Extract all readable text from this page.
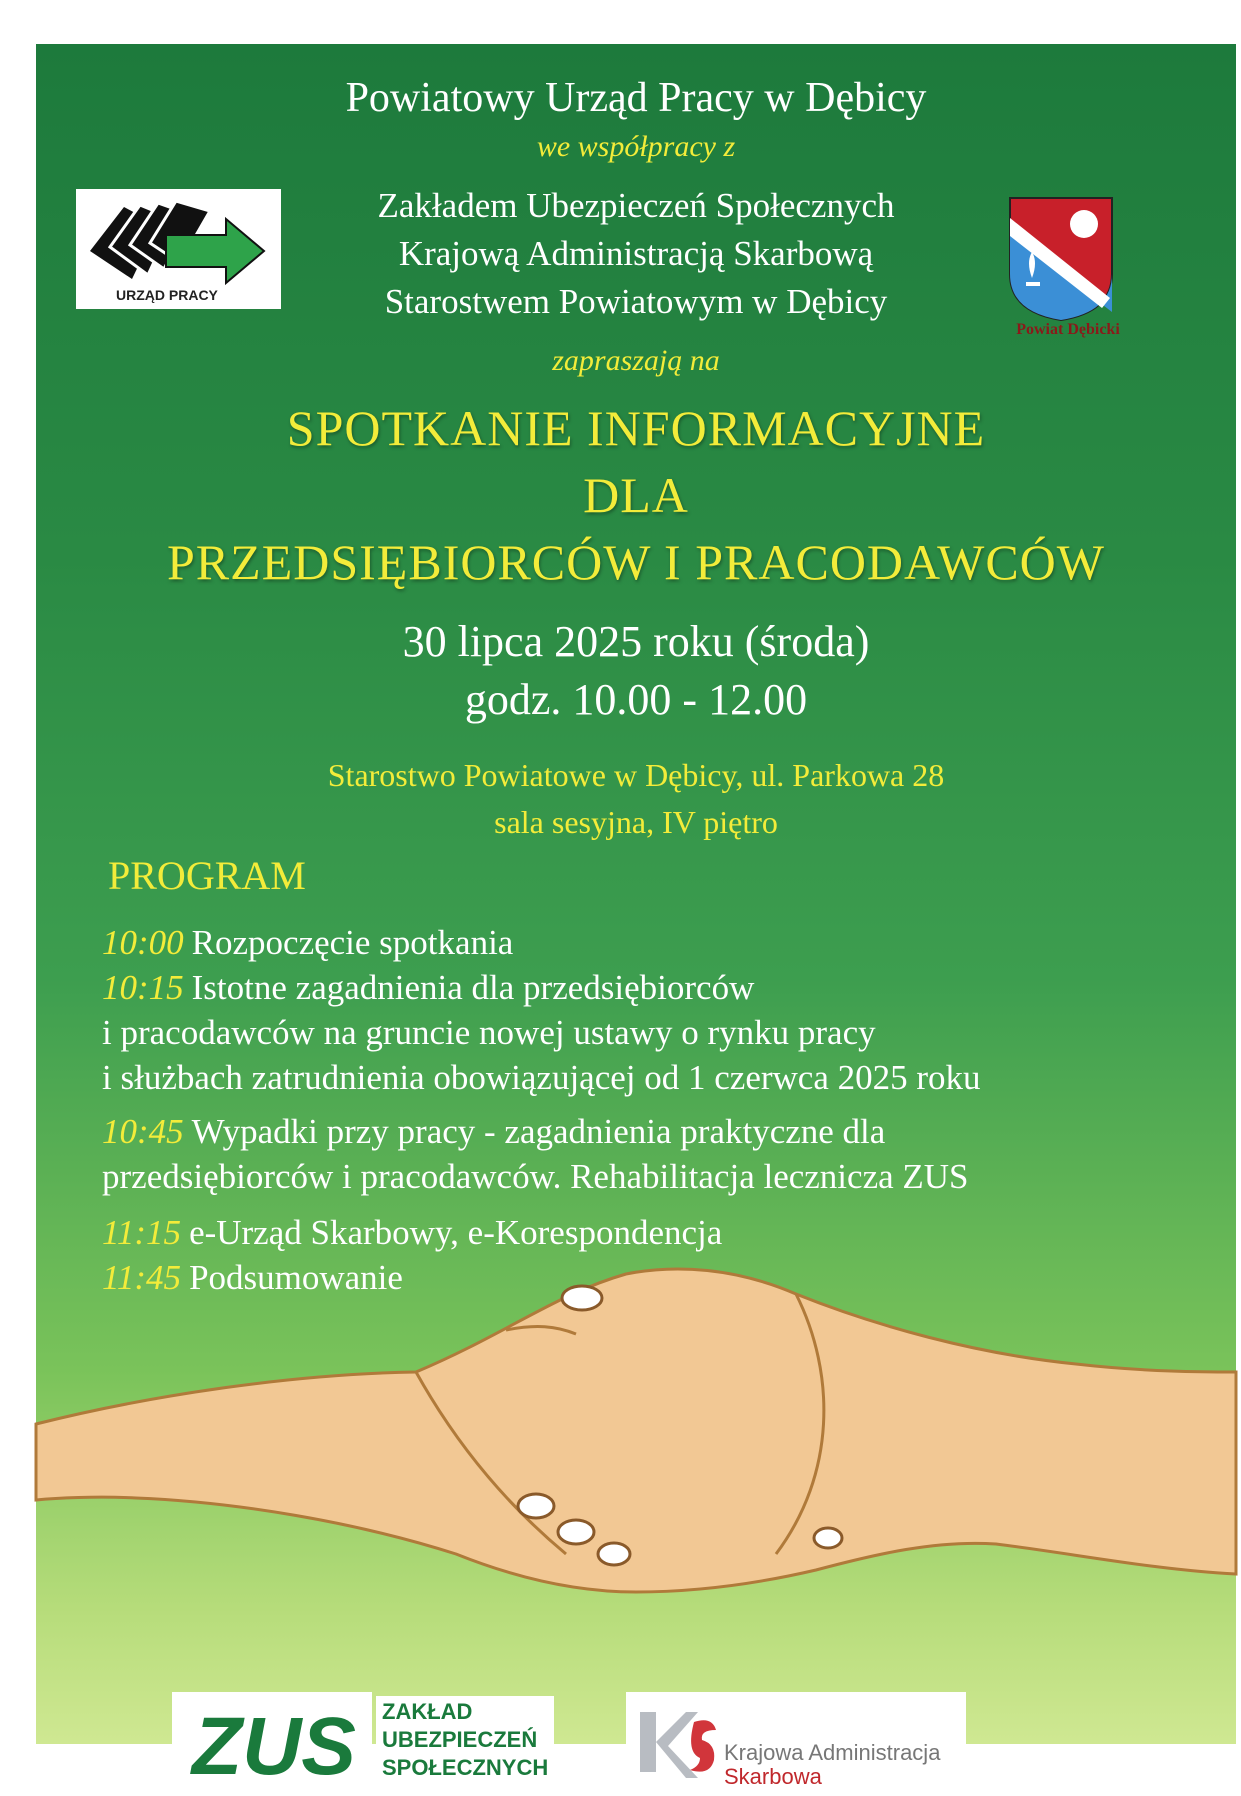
Powiatowy Urząd Pracy w Dębicy
we współpracy z
Zakładem Ubezpieczeń Społecznych
Krajową Administracją Skarbową
Starostwem Powiatowym w Dębicy
zapraszają na
SPOTKANIE INFORMACYJNE
DLA
PRZEDSIĘBIORCÓW I PRACODAWCÓW
30 lipca 2025 roku (środa)
godz. 10.00 - 12.00
Starostwo Powiatowe w Dębicy, ul. Parkowa 28
sala sesyjna, IV piętro
PROGRAM
10:00 Rozpoczęcie spotkania
10:15 Istotne zagadnienia dla przedsiębiorców
i pracodawców na gruncie nowej ustawy o rynku pracy
i służbach zatrudnienia obowiązującej od 1 czerwca 2025 roku
10:45 Wypadki przy pracy - zagadnienia praktyczne dla
przedsiębiorców i pracodawców. Rehabilitacja lecznicza ZUS
11:15 e-Urząd Skarbowy, e-Korespondencja
11:45 Podsumowanie
URZĄD PRACY
Powiat Dębicki
ZUS ZAKŁAD
UBEZPIECZEŃ
SPOŁECZNYCH
Krajowa Administracja
Skarbowa
